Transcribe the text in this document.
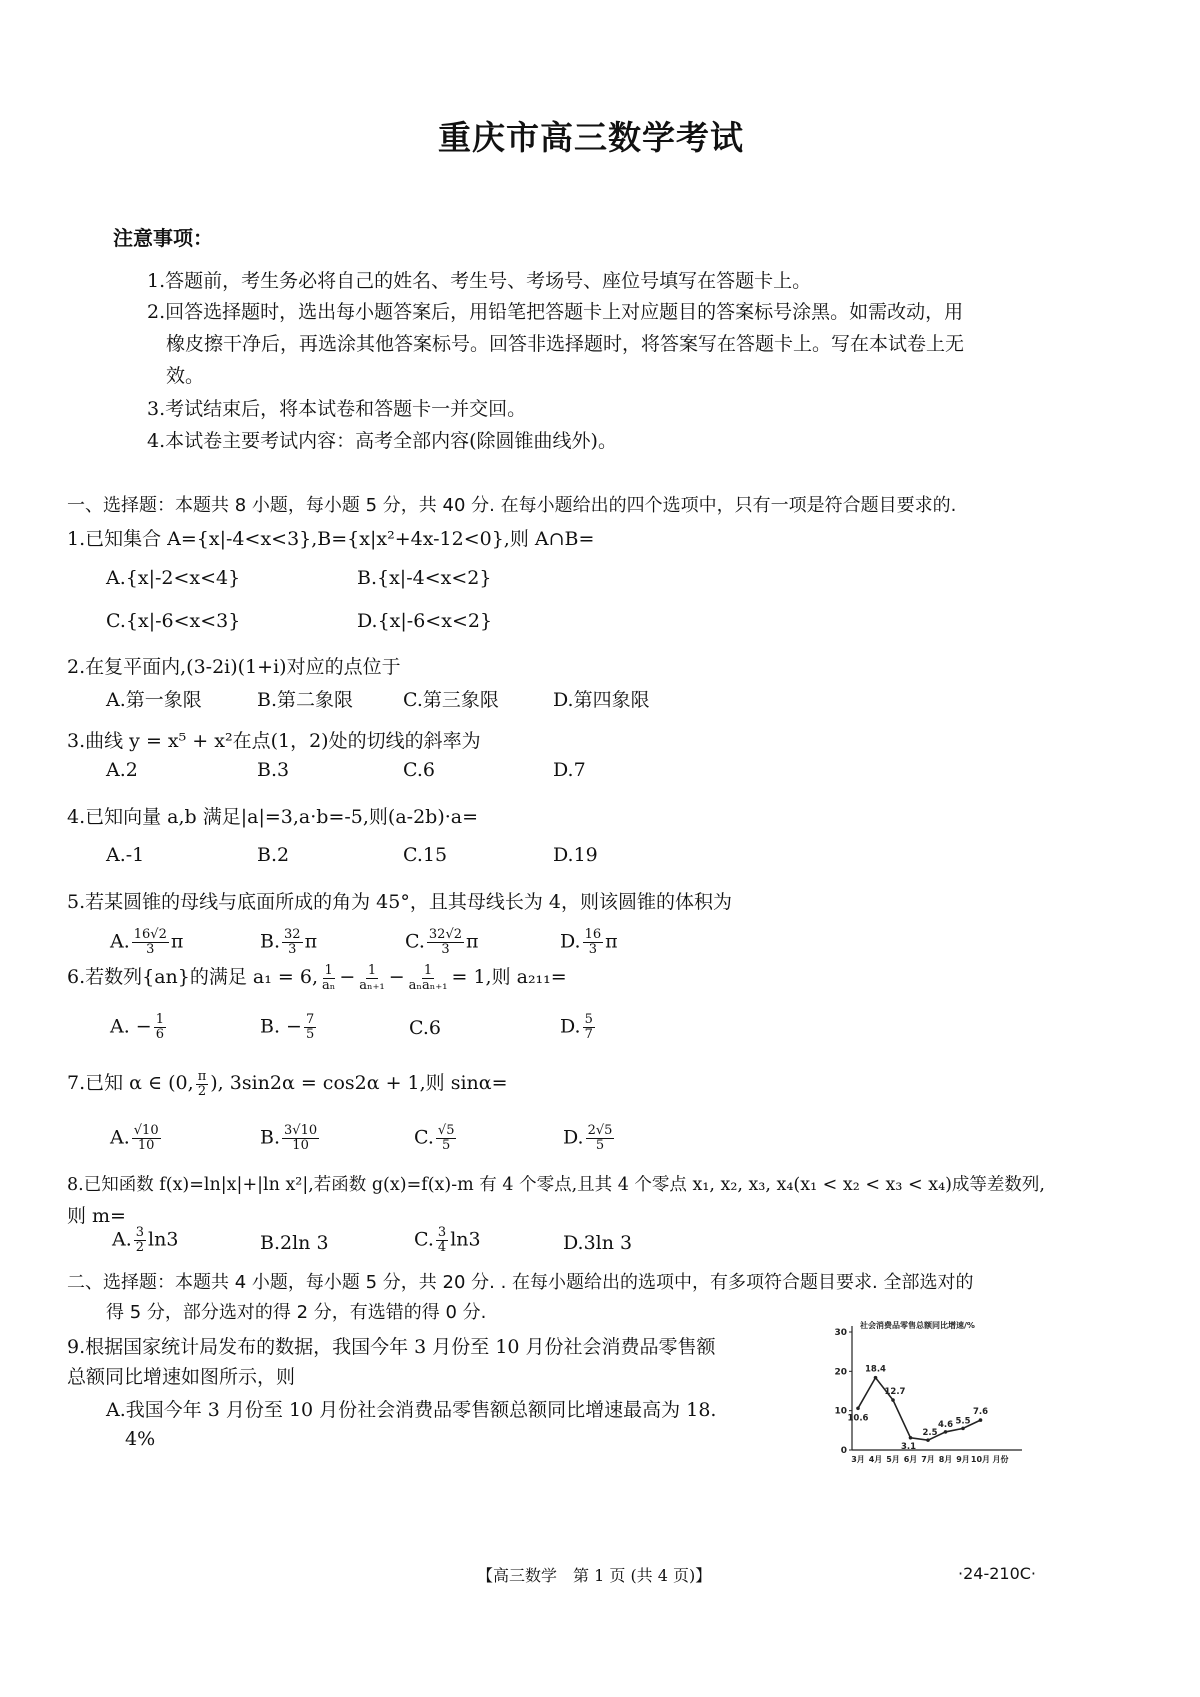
重庆市高三数学考试
注意事项：
1.答题前，考生务必将自己的姓名、考生号、考场号、座位号填写在答题卡上。
2.回答选择题时，选出每小题答案后，用铅笔把答题卡上对应题目的答案标号涂黑。如需改动，用
橡皮擦干净后，再选涂其他答案标号。回答非选择题时，将答案写在答题卡上。写在本试卷上无
效。
3.考试结束后，将本试卷和答题卡一并交回。
4.本试卷主要考试内容：高考全部内容(除圆锥曲线外)。
一、选择题：本题共 8 小题，每小题 5 分，共 40 分. 在每小题给出的四个选项中，只有一项是符合题目要求的.
1.已知集合 A={x|-4<x<3},B={x|x²+4x-12<0},则 A∩B=
A.{x|-2<x<4}	B.{x|-4<x<2}
C.{x|-6<x<3}	D.{x|-6<x<2}
2.在复平面内,(3-2i)(1+i)对应的点位于
A.第一象限	B.第二象限	C.第三象限	D.第四象限
3.曲线 y = x⁵ + x²在点(1，2)处的切线的斜率为
A.2	B.3	C.6	D.7
4.已知向量 a,b 满足|a|=3,a·b=-5,则(a-2b)·a=
A.-1	B.2	C.15	D.19
5.若某圆锥的母线与底面所成的角为 45°，且其母线长为 4，则该圆锥的体积为
A. $\frac{16√2}{3}$ π	B. $\frac{32}{3}$ π	C. $\frac{32√2}{3}$ π	D. $\frac{16}{3}$ π
6.若数列{an}的满足 a₁ = 6, $\frac{1}{\text{aₙ}} - \frac{1}{\text{aₙ₊₁}} - \frac{1}{\text{aₙaₙ₊₁}} = 1$,则 a₂₁₁=
A. − $\frac{1}{6}$	B. − $\frac{7}{5}$	C.6	D. $\frac{5}{7}$
7.已知 α ∈ (0, $\frac{\pi}{2}$ ), 3sin2α = cos2α + 1,则 sinα=
A. $\frac{√10}{10}$	B. $\frac{3√10}{10}$	C. $\frac{√5}{5}$	D. $\frac{2√5}{5}$
8.已知函数 f(x)=ln|x|+|ln x²|,若函数 g(x)=f(x)-m 有 4 个零点,且其 4 个零点 x₁, x₂, x₃, x₄(x₁ < x₂ < x₃ < x₄)成等差数列,
则 m=
A. $\frac{3}{2} \ln 3$	B.2ln 3	C. $\frac{3}{4} \ln 3$	D.3ln 3
二、选择题：本题共 4 小题，每小题 5 分，共 20 分. . 在每小题给出的选项中，有多项符合题目要求. 全部选对的
得 5 分，部分选对的得 2 分，有选错的得 0 分.
9.根据国家统计局发布的数据，我国今年 3 月份至 10 月份社会消费品零售额
总额同比增速如图所示，则
A.我国今年 3 月份至 10 月份社会消费品零售额总额同比增速最高为 18.
4%
社会消费品零售总额同比增速/%
0
10
20
30
10.6
18.4
12.7
3.1
2.5
4.6 5.5
7.6
3月 4月 5月 6月 7月 8月 9月 10月 月份
【高三数学　第 1 页 (共 4 页)】	·24-210C·
